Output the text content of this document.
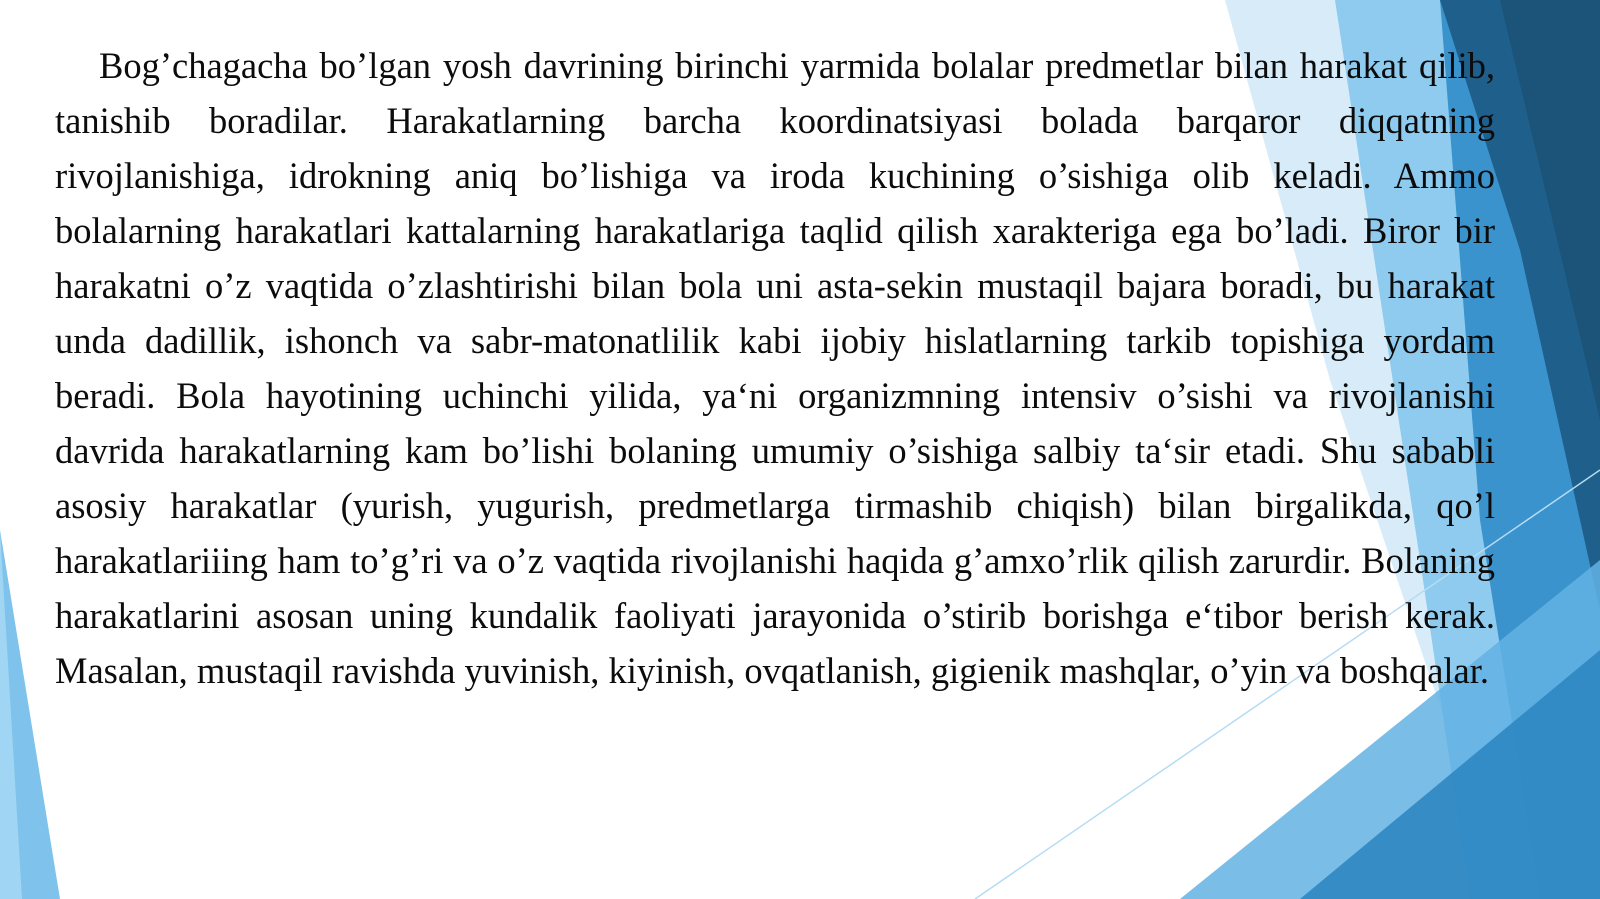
Bog’chagacha bo’lgan yosh davrining birinchi yarmida bolalar predmetlar bilan harakat qilib, tanishib boradilar. Harakatlarning barcha koordinatsiyasi bolada barqaror diqqatning rivojlanishiga, idrokning aniq bo’lishiga va iroda kuchining o’sishiga olib keladi. Ammo bolalarning harakatlari kattalarning harakatlariga taqlid qilish xarakteriga ega bo’ladi. Biror bir harakatni o’z vaqtida o’zlashtirishi bilan bola uni asta-sekin mustaqil bajara boradi, bu harakat unda dadillik, ishonch va sabr-matonatlilik kabi ijobiy hislatlarning tarkib topishiga yordam beradi. Bola hayotining uchinchi yilida, ya‘ni organizmning intensiv o’sishi va rivojlanishi davrida harakatlarning kam bo’lishi bolaning umumiy o’sishiga salbiy ta‘sir etadi. Shu sababli asosiy harakatlar (yurish, yugurish, predmetlarga tirmashib chiqish) bilan birgalikda, qo’l harakatlariiing ham to’g’ri va o’z vaqtida rivojlanishi haqida g’amxo’rlik qilish zarurdir. Bolaning harakatlarini asosan uning kundalik faoliyati jarayonida o’stirib borishga e‘tibor berish kerak. Masalan, mustaqil ravishda yuvinish, kiyinish, ovqatlanish, gigienik mashqlar, o’yin va boshqalar.
